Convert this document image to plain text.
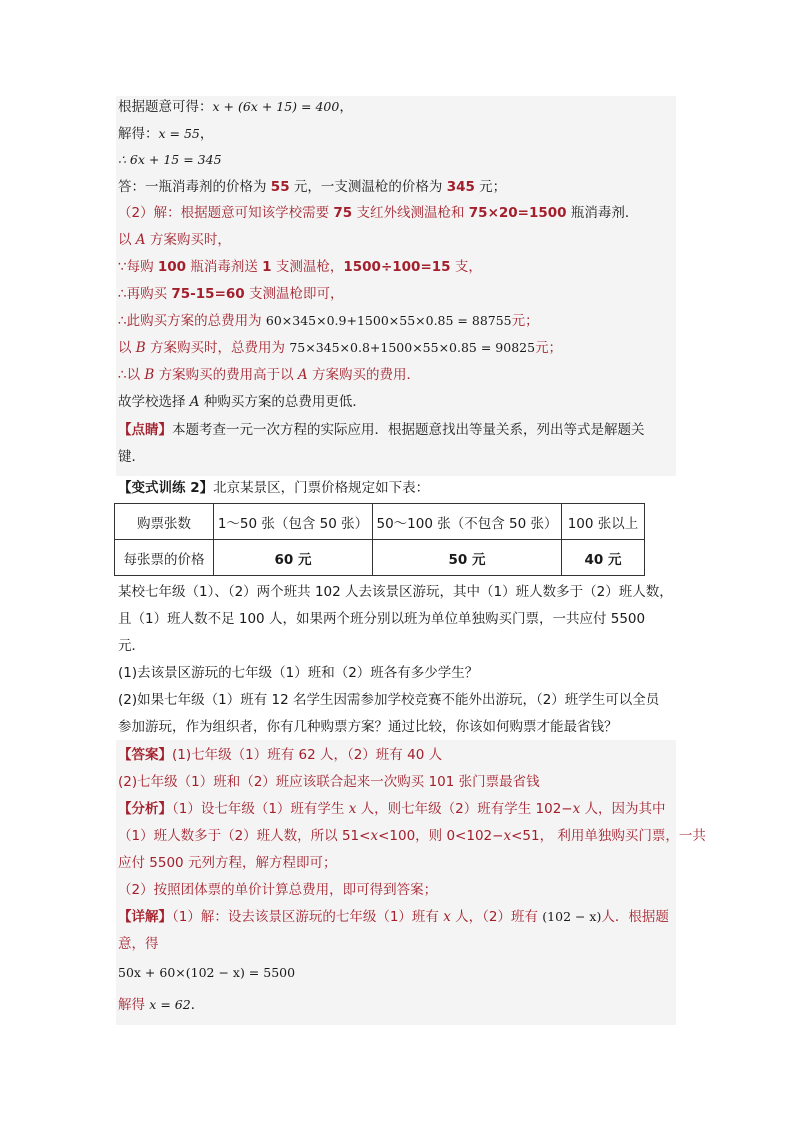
根据题意可得：x + (6x + 15) = 400，
解得：x = 55，
∴ 6x + 15 = 345
答：一瓶消毒剂的价格为 55 元，一支测温枪的价格为 345 元；
（2）解：根据题意可知该学校需要 75 支红外线测温枪和 75×20=1500 瓶消毒剂．
以 A 方案购买时，
∵每购 100 瓶消毒剂送 1 支测温枪，1500÷100=15 支，
∴再购买 75-15=60 支测温枪即可，
∴此购买方案的总费用为 60×345×0.9+1500×55×0.85 = 88755元；
以 B 方案购买时，总费用为 75×345×0.8+1500×55×0.85 = 90825元；
∴以 B 方案购买的费用高于以 A 方案购买的费用．
故学校选择 A 种购买方案的总费用更低．
【点睛】本题考查一元一次方程的实际应用．根据题意找出等量关系，列出等式是解题关
键．
【变式训练 2】北京某景区，门票价格规定如下表：
购票张数	1～50 张（包含 50 张）	50～100 张（不包含 50 张）	100 张以上
每张票的价格	60 元	50 元	40 元
某校七年级（1）、（2）两个班共 102 人去该景区游玩，其中（1）班人数多于（2）班人数，
且（1）班人数不足 100 人，如果两个班分别以班为单位单独购买门票，一共应付 5500
元．
(1)去该景区游玩的七年级（1）班和（2）班各有多少学生？
(2)如果七年级（1）班有 12 名学生因需参加学校竞赛不能外出游玩，（2）班学生可以全员
参加游玩，作为组织者，你有几种购票方案？通过比较，你该如何购票才能最省钱？
【答案】(1)七年级（1）班有 62 人，（2）班有 40 人
(2)七年级（1）班和（2）班应该联合起来一次购买 101 张门票最省钱
【分析】（1）设七年级（1）班有学生 x 人，则七年级（2）班有学生 102−x 人，因为其中
（1）班人数多于（2）班人数，所以 51<x<100，则 0<102−x<51， 利用单独购买门票，一共
应付 5500 元列方程，解方程即可；
（2）按照团体票的单价计算总费用，即可得到答案；
【详解】（1）解：设去该景区游玩的七年级（1）班有 x 人，（2）班有 (102 − x)人．根据题
意，得
50x + 60×(102 − x) = 5500
解得 x = 62．
